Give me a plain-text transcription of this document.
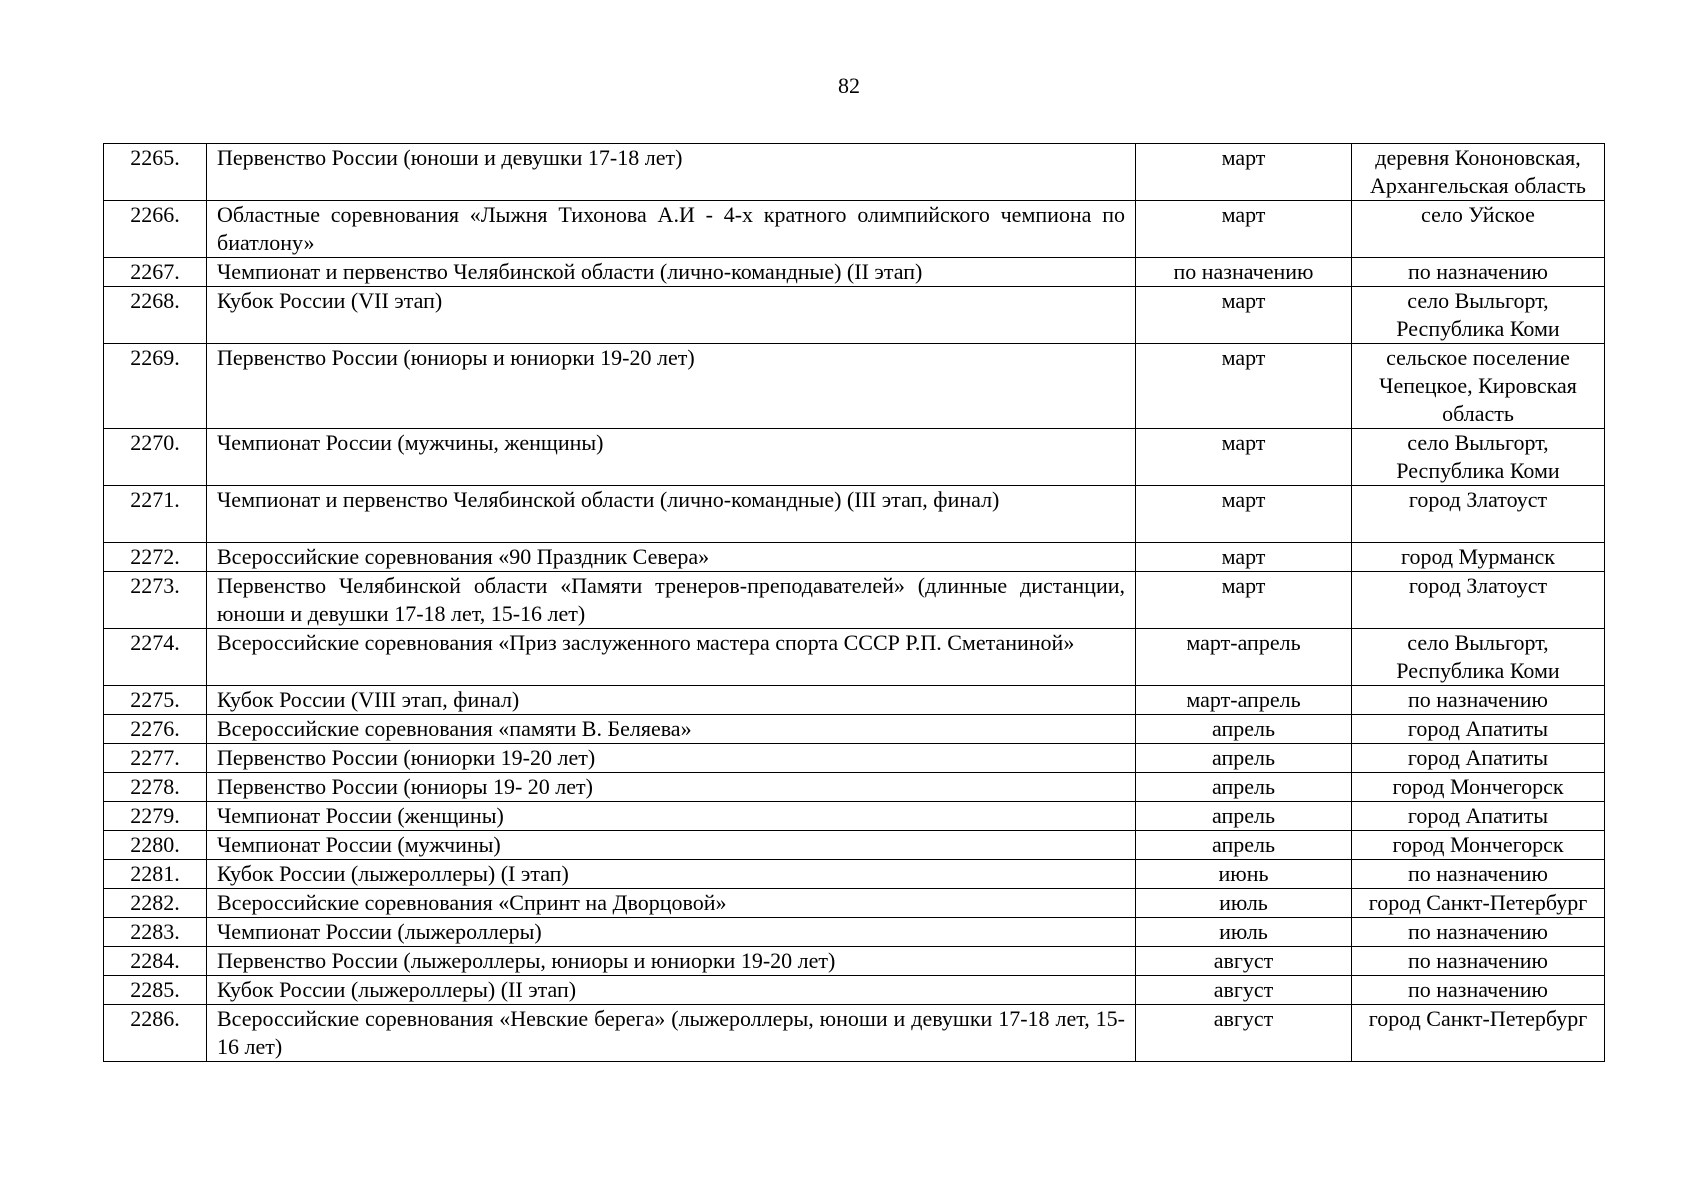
82
2265.	Первенство России (юноши и девушки 17-18 лет)	март	деревня Кононовская, Архангельская область
2266.	Областные соревнования «Лыжня Тихонова А.И - 4-х кратного олимпийского чемпиона по биатлону»	март	село Уйское
2267.	Чемпионат и первенство Челябинской области (лично-командные) (II этап)	по назначению	по назначению
2268.	Кубок России (VII этап)	март	село Выльгорт, Республика Коми
2269.	Первенство России (юниоры и юниорки 19-20 лет)	март	сельское поселение Чепецкое, Кировская область
2270.	Чемпионат России (мужчины, женщины)	март	село Выльгорт, Республика Коми
2271.	Чемпионат и первенство Челябинской области (лично-командные) (III этап, финал)	март	город Златоуст
2272.	Всероссийские соревнования «90 Праздник Севера»	март	город Мурманск
2273.	Первенство Челябинской области «Памяти тренеров-преподавателей» (длинные дистанции, юноши и девушки 17-18 лет, 15-16 лет)	март	город Златоуст
2274.	Всероссийские соревнования «Приз заслуженного мастера спорта СССР Р.П. Сметаниной»	март-апрель	село Выльгорт, Республика Коми
2275.	Кубок России (VIII этап, финал)	март-апрель	по назначению
2276.	Всероссийские соревнования «памяти В. Беляева»	апрель	город Апатиты
2277.	Первенство России (юниорки 19-20 лет)	апрель	город Апатиты
2278.	Первенство России (юниоры 19- 20 лет)	апрель	город Мончегорск
2279.	Чемпионат России (женщины)	апрель	город Апатиты
2280.	Чемпионат России (мужчины)	апрель	город Мончегорск
2281.	Кубок России (лыжероллеры) (I этап)	июнь	по назначению
2282.	Всероссийские соревнования «Спринт на Дворцовой»	июль	город Санкт-Петербург
2283.	Чемпионат России (лыжероллеры)	июль	по назначению
2284.	Первенство России (лыжероллеры, юниоры и юниорки 19-20 лет)	август	по назначению
2285.	Кубок России (лыжероллеры) (II этап)	август	по назначению
2286.	Всероссийские соревнования «Невские берега» (лыжероллеры, юноши и девушки 17-18 лет, 15-16 лет)	август	город Санкт-Петербург
